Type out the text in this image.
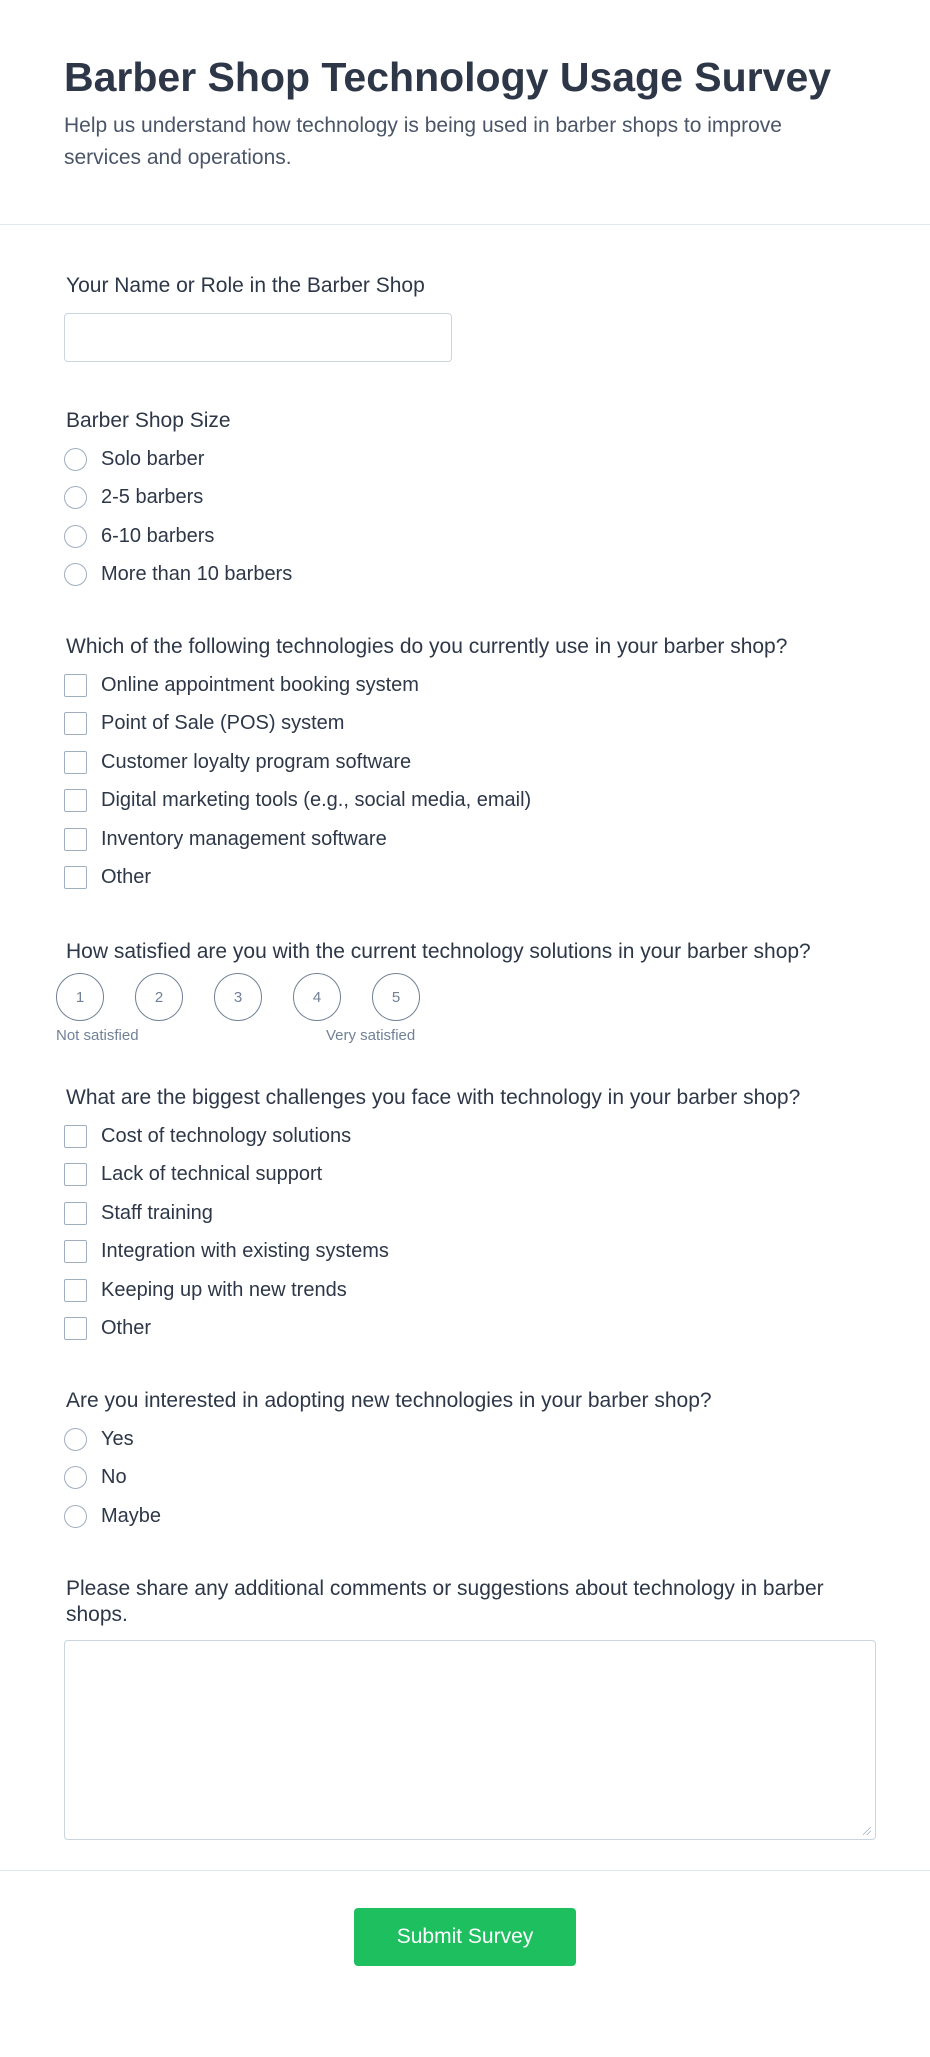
Barber Shop Technology Usage Survey

Help us understand how technology is being used in barber shops to improve services and operations.

Your Name or Role in the Barber Shop
Barber Shop Size
Solo barber
2-5 barbers
6-10 barbers
More than 10 barbers
Which of the following technologies do you currently use in your barber shop?
Online appointment booking system
Point of Sale (POS) system
Customer loyalty program software
Digital marketing tools (e.g., social media, email)
Inventory management software
Other
How satisfied are you with the current technology solutions in your barber shop?
1	2	3	4	5
Not satisfied	Very satisfied
What are the biggest challenges you face with technology in your barber shop?
Cost of technology solutions
Lack of technical support
Staff training
Integration with existing systems
Keeping up with new trends
Other
Are you interested in adopting new technologies in your barber shop?
Yes
No
Maybe
Please share any additional comments or suggestions about technology in barber shops.
Submit Survey
